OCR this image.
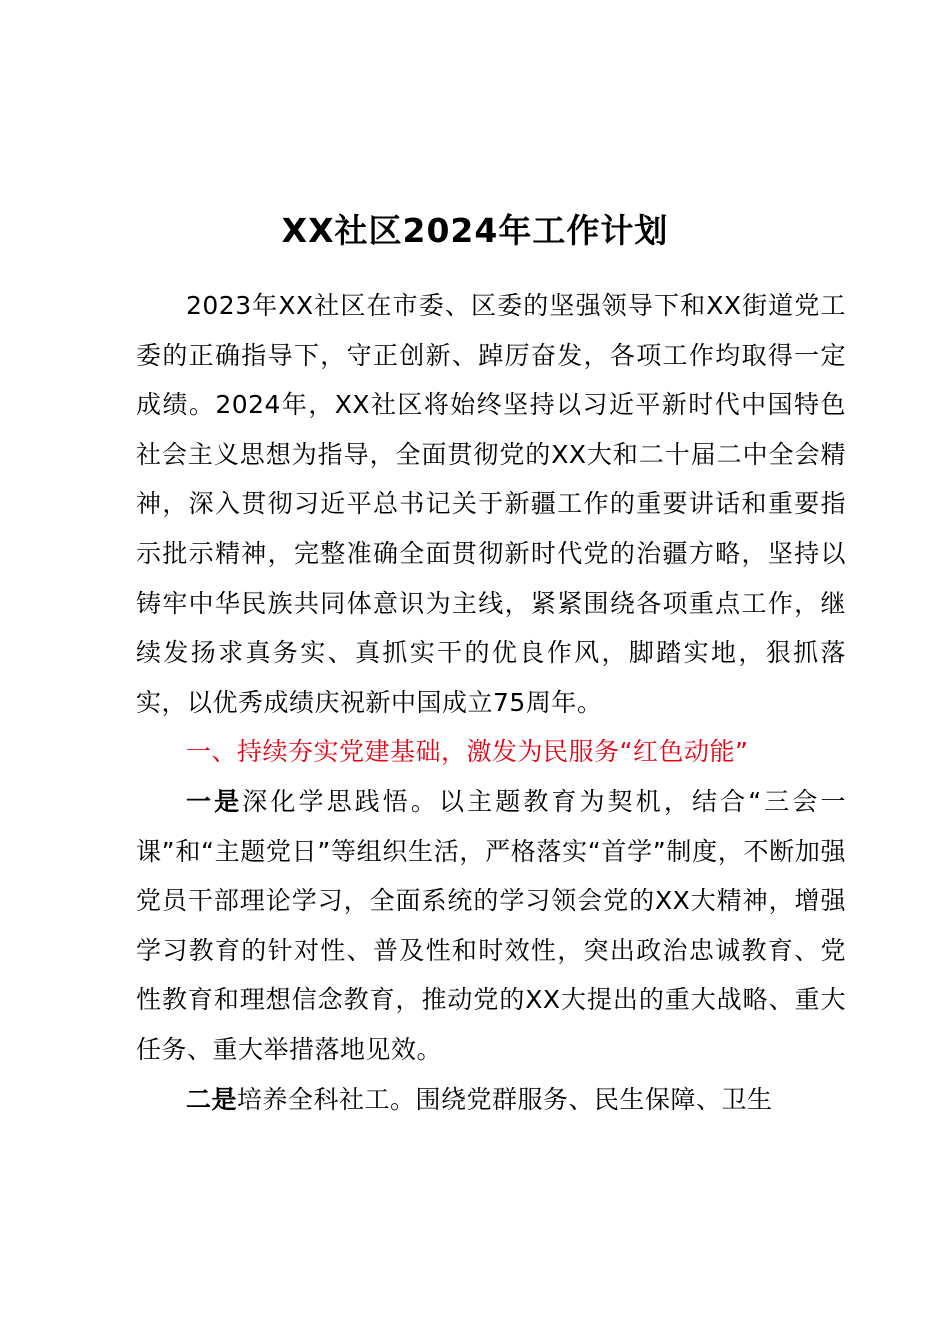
XX社区2024年工作计划

2023年XX社区在市委、区委的坚强领导下和XX街道党工委的正确指导下，守正创新、踔厉奋发，各项工作均取得一定成绩。2024年，XX社区将始终坚持以习近平新时代中国特色社会主义思想为指导，全面贯彻党的XX大和二十届二中全会精神，深入贯彻习近平总书记关于新疆工作的重要讲话和重要指示批示精神，完整准确全面贯彻新时代党的治疆方略，坚持以铸牢中华民族共同体意识为主线，紧紧围绕各项重点工作，继续发扬求真务实、真抓实干的优良作风，脚踏实地，狠抓落实，以优秀成绩庆祝新中国成立75周年。

一、持续夯实党建基础，激发为民服务“红色动能”

一是深化学思践悟。以主题教育为契机，结合“三会一课”和“主题党日”等组织生活，严格落实“首学”制度，不断加强党员干部理论学习，全面系统的学习领会党的XX大精神，增强学习教育的针对性、普及性和时效性，突出政治忠诚教育、党性教育和理想信念教育，推动党的XX大提出的重大战略、重大任务、重大举措落地见效。

二是培养全科社工。围绕党群服务、民生保障、卫生
